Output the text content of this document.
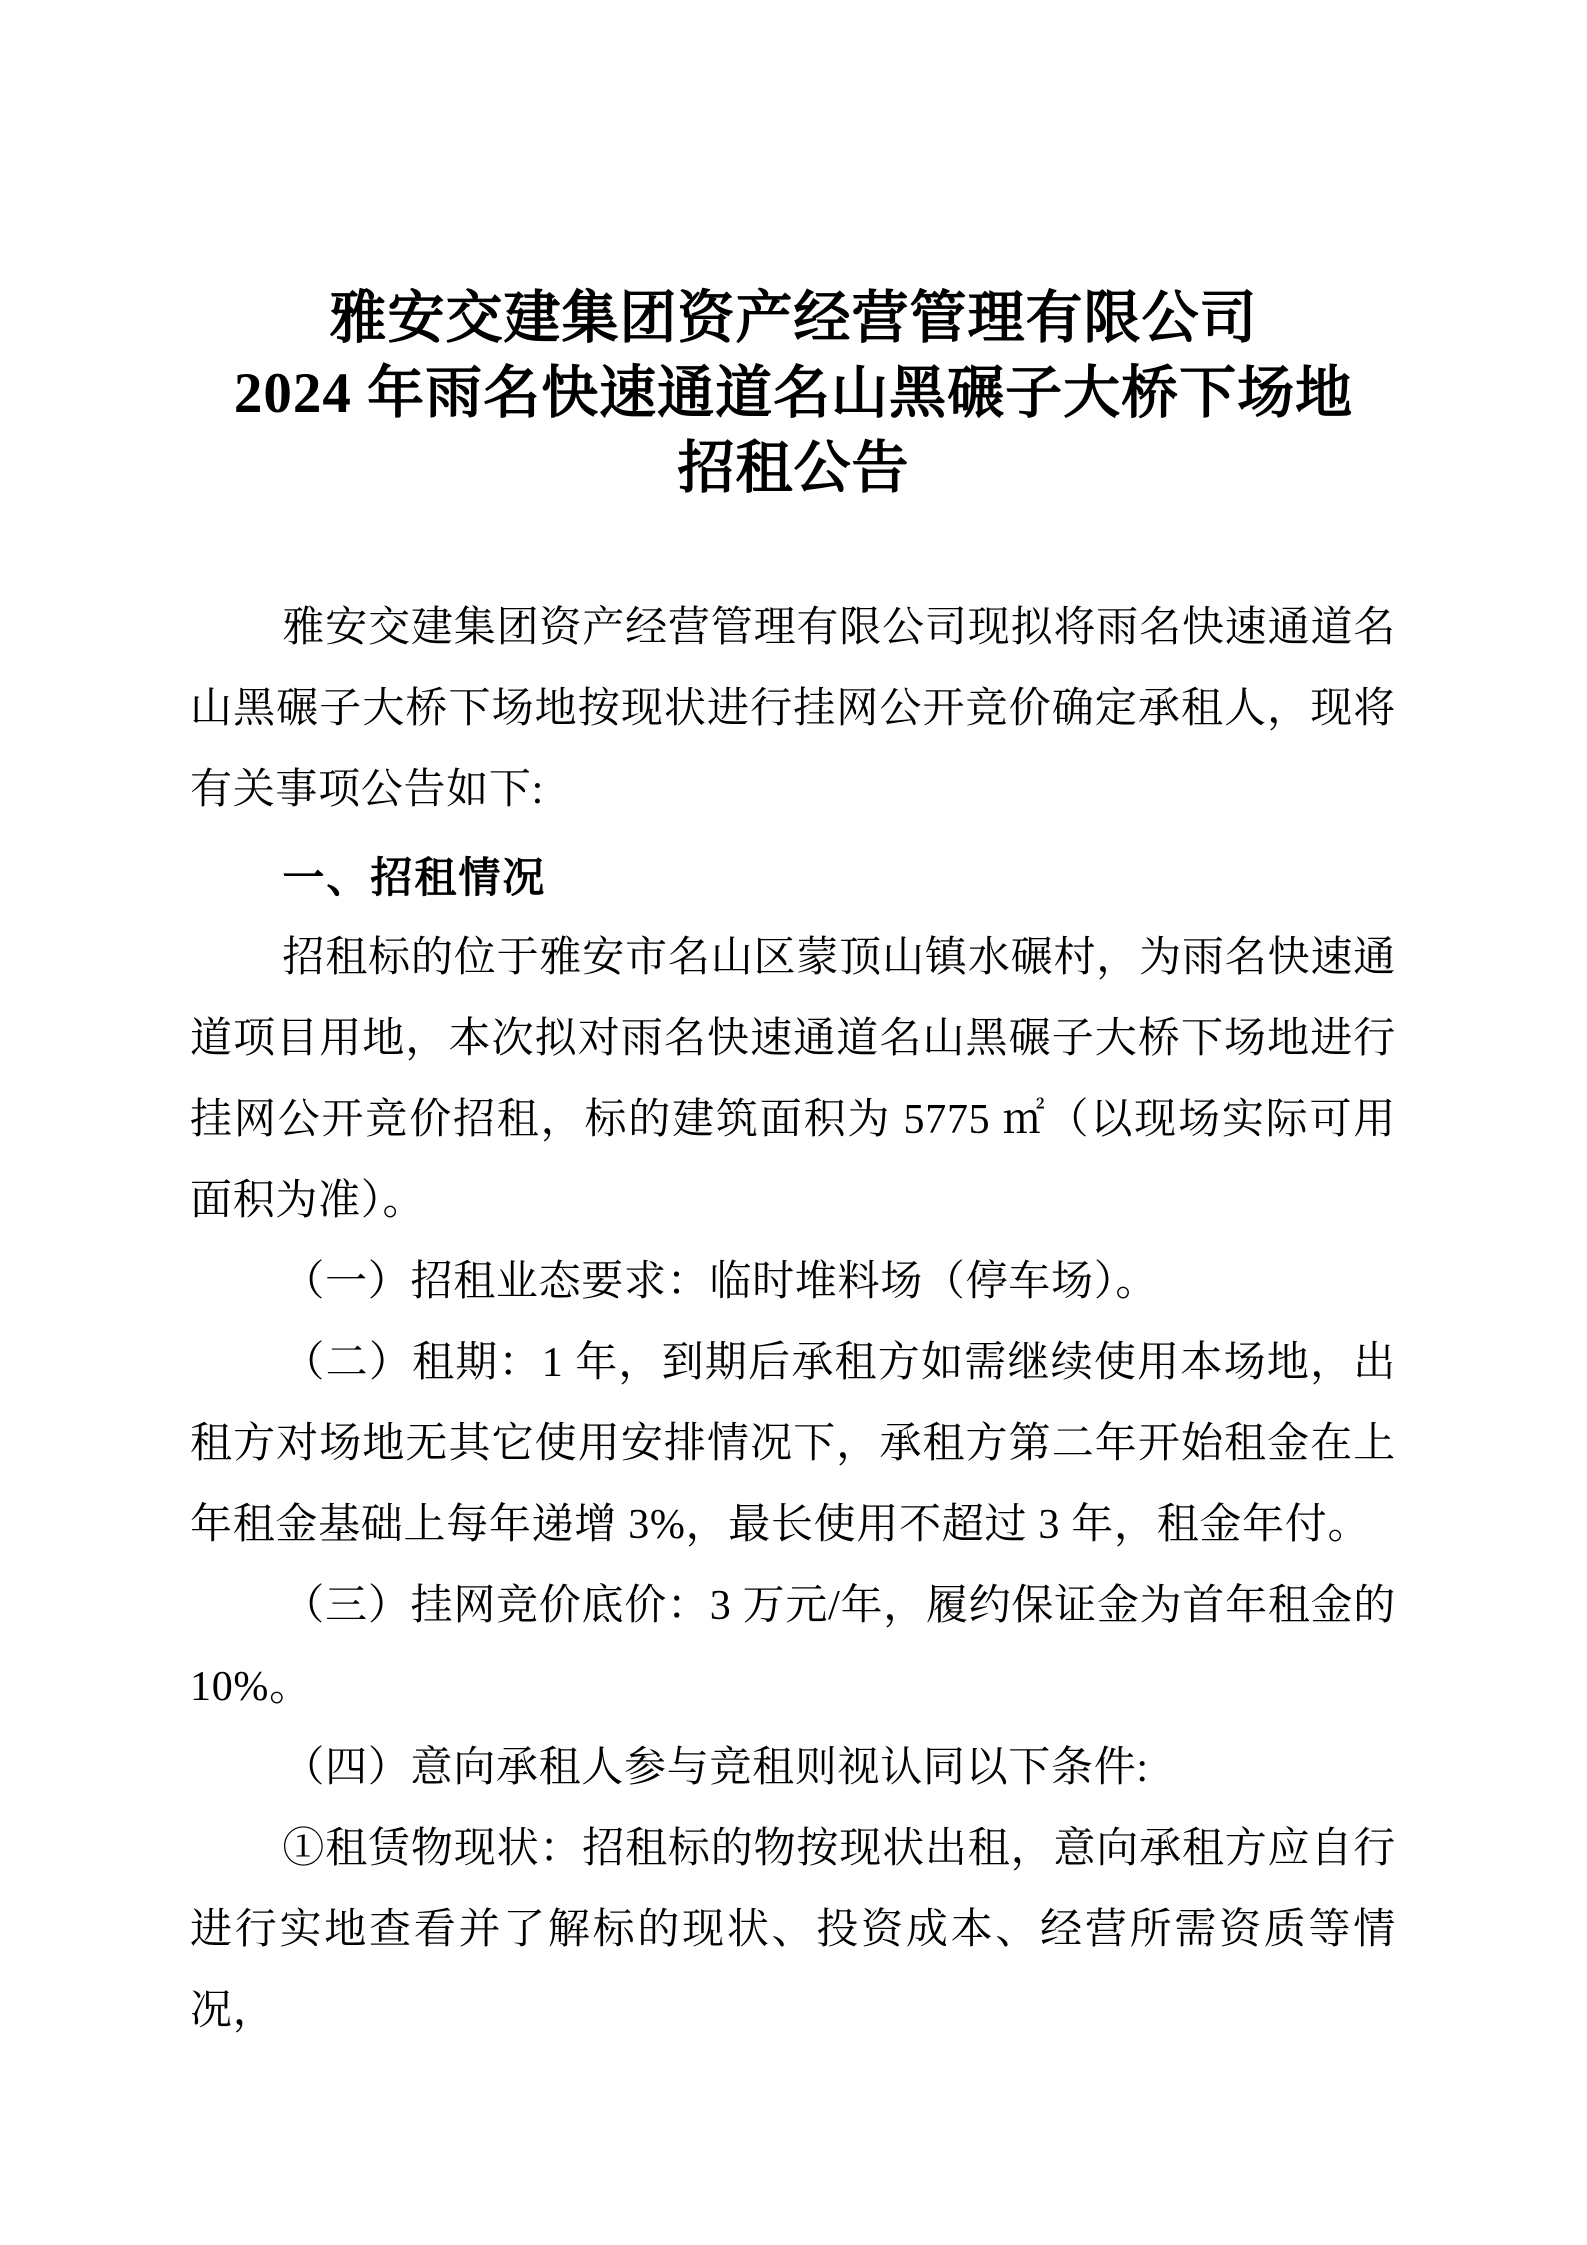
雅安交建集团资产经营管理有限公司
2024 年雨名快速通道名山黑碾子大桥下场地
招租公告

雅安交建集团资产经营管理有限公司现拟将雨名快速通道名山黑碾子大桥下场地按现状进行挂网公开竞价确定承租人，现将有关事项公告如下:

一、招租情况

招租标的位于雅安市名山区蒙顶山镇水碾村，为雨名快速通道项目用地，本次拟对雨名快速通道名山黑碾子大桥下场地进行挂网公开竞价招租，标的建筑面积为 5775 ㎡（以现场实际可用面积为准）。

（一）招租业态要求：临时堆料场（停车场）。

（二）租期：1 年，到期后承租方如需继续使用本场地，出租方对场地无其它使用安排情况下，承租方第二年开始租金在上年租金基础上每年递增 3%，最长使用不超过 3 年，租金年付。

（三）挂网竞价底价：3 万元/年，履约保证金为首年租金的 10%。

（四）意向承租人参与竞租则视认同以下条件:

①租赁物现状：招租标的物按现状出租，意向承租方应自行进行实地查看并了解标的现状、投资成本、经营所需资质等情况，
